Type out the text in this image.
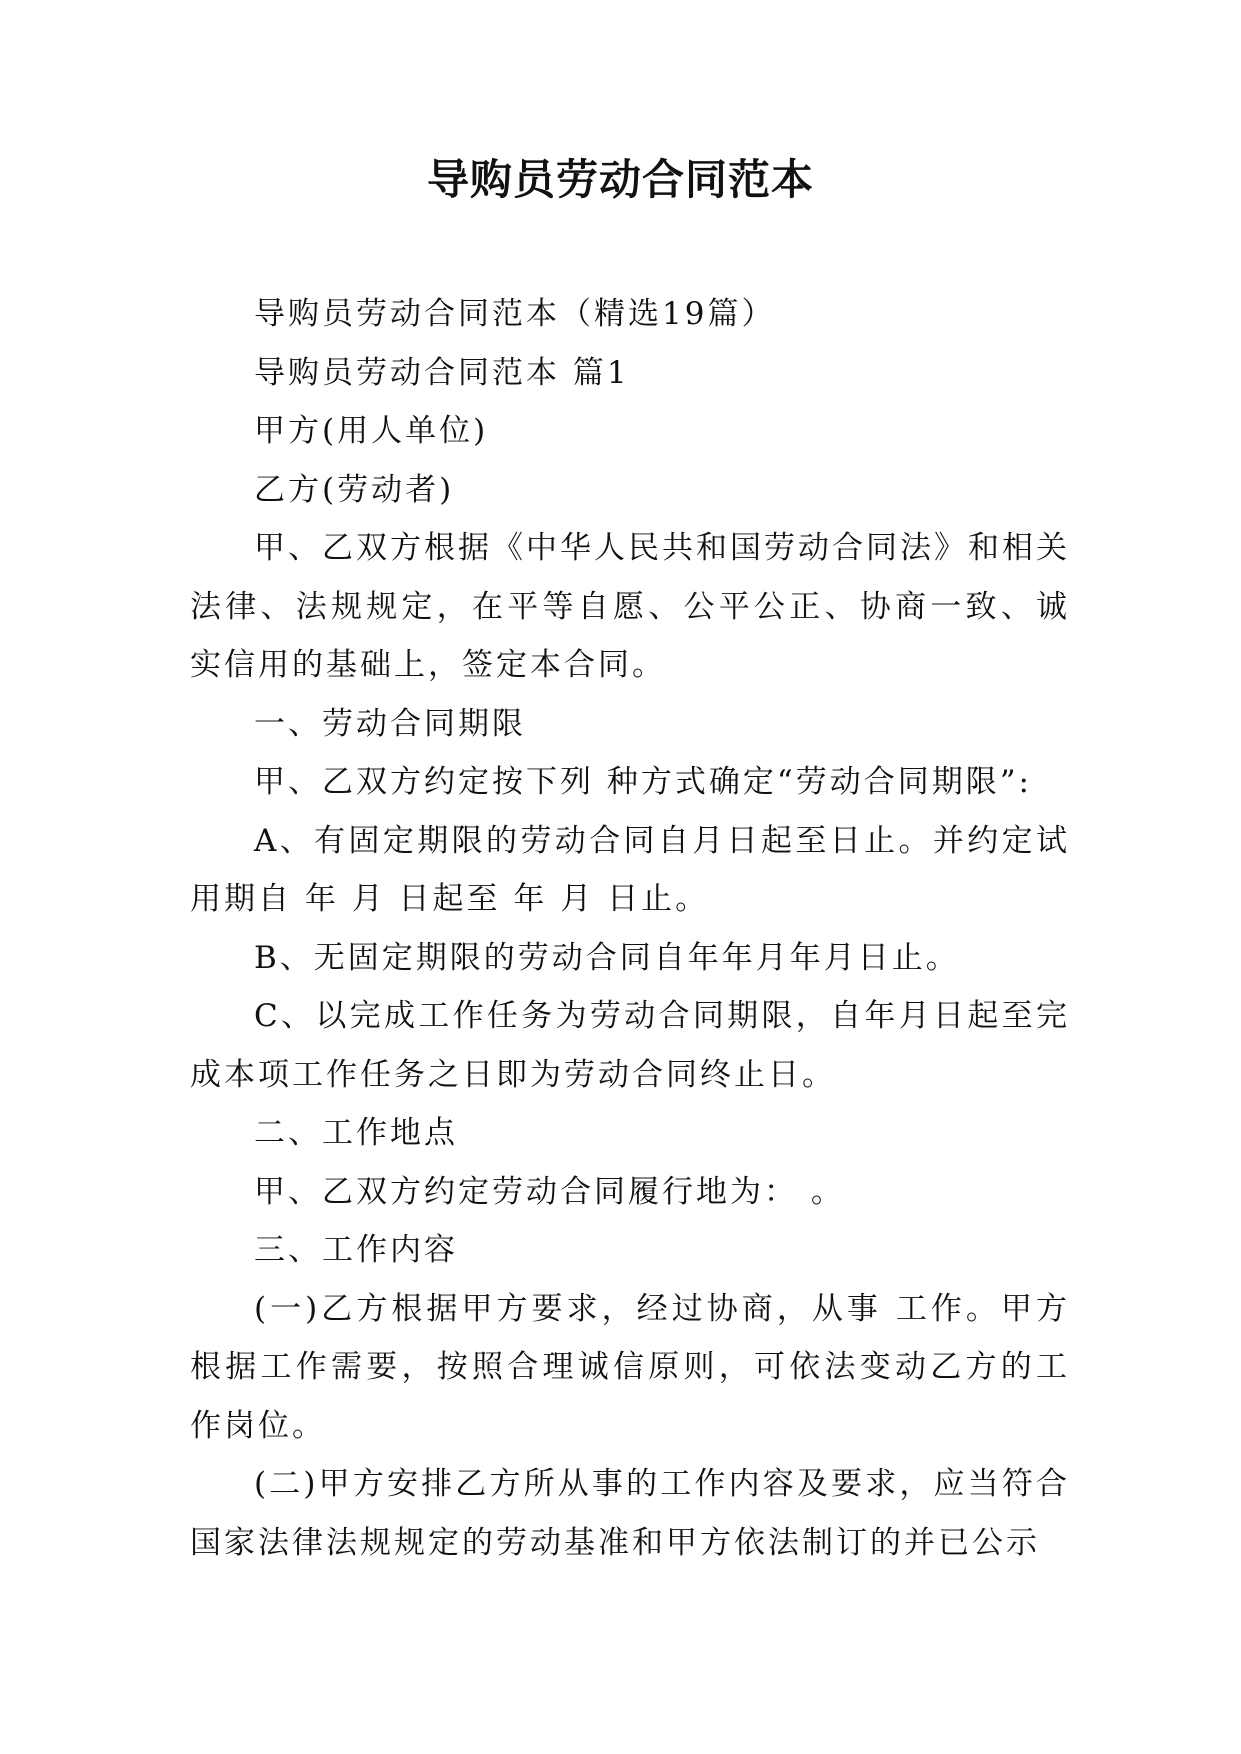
导购员劳动合同范本

导购员劳动合同范本（精选19篇）

导购员劳动合同范本 篇1

甲方(用人单位)

乙方(劳动者)

甲、乙双方根据《中华人民共和国劳动合同法》和相关法律、法规规定，在平等自愿、公平公正、协商一致、诚实信用的基础上，签定本合同。

一、劳动合同期限

甲、乙双方约定按下列 种方式确定“劳动合同期限”:

A、有固定期限的劳动合同自月日起至日止。并约定试用期自 年 月 日起至 年 月 日止。

B、无固定期限的劳动合同自年年月年月日止。

C、以完成工作任务为劳动合同期限，自年月日起至完成本项工作任务之日即为劳动合同终止日。

二、工作地点

甲、乙双方约定劳动合同履行地为： 。

三、工作内容

(一)乙方根据甲方要求，经过协商，从事 工作。甲方根据工作需要，按照合理诚信原则，可依法变动乙方的工作岗位。

(二)甲方安排乙方所从事的工作内容及要求，应当符合国家法律法规规定的劳动基准和甲方依法制订的并已公示
